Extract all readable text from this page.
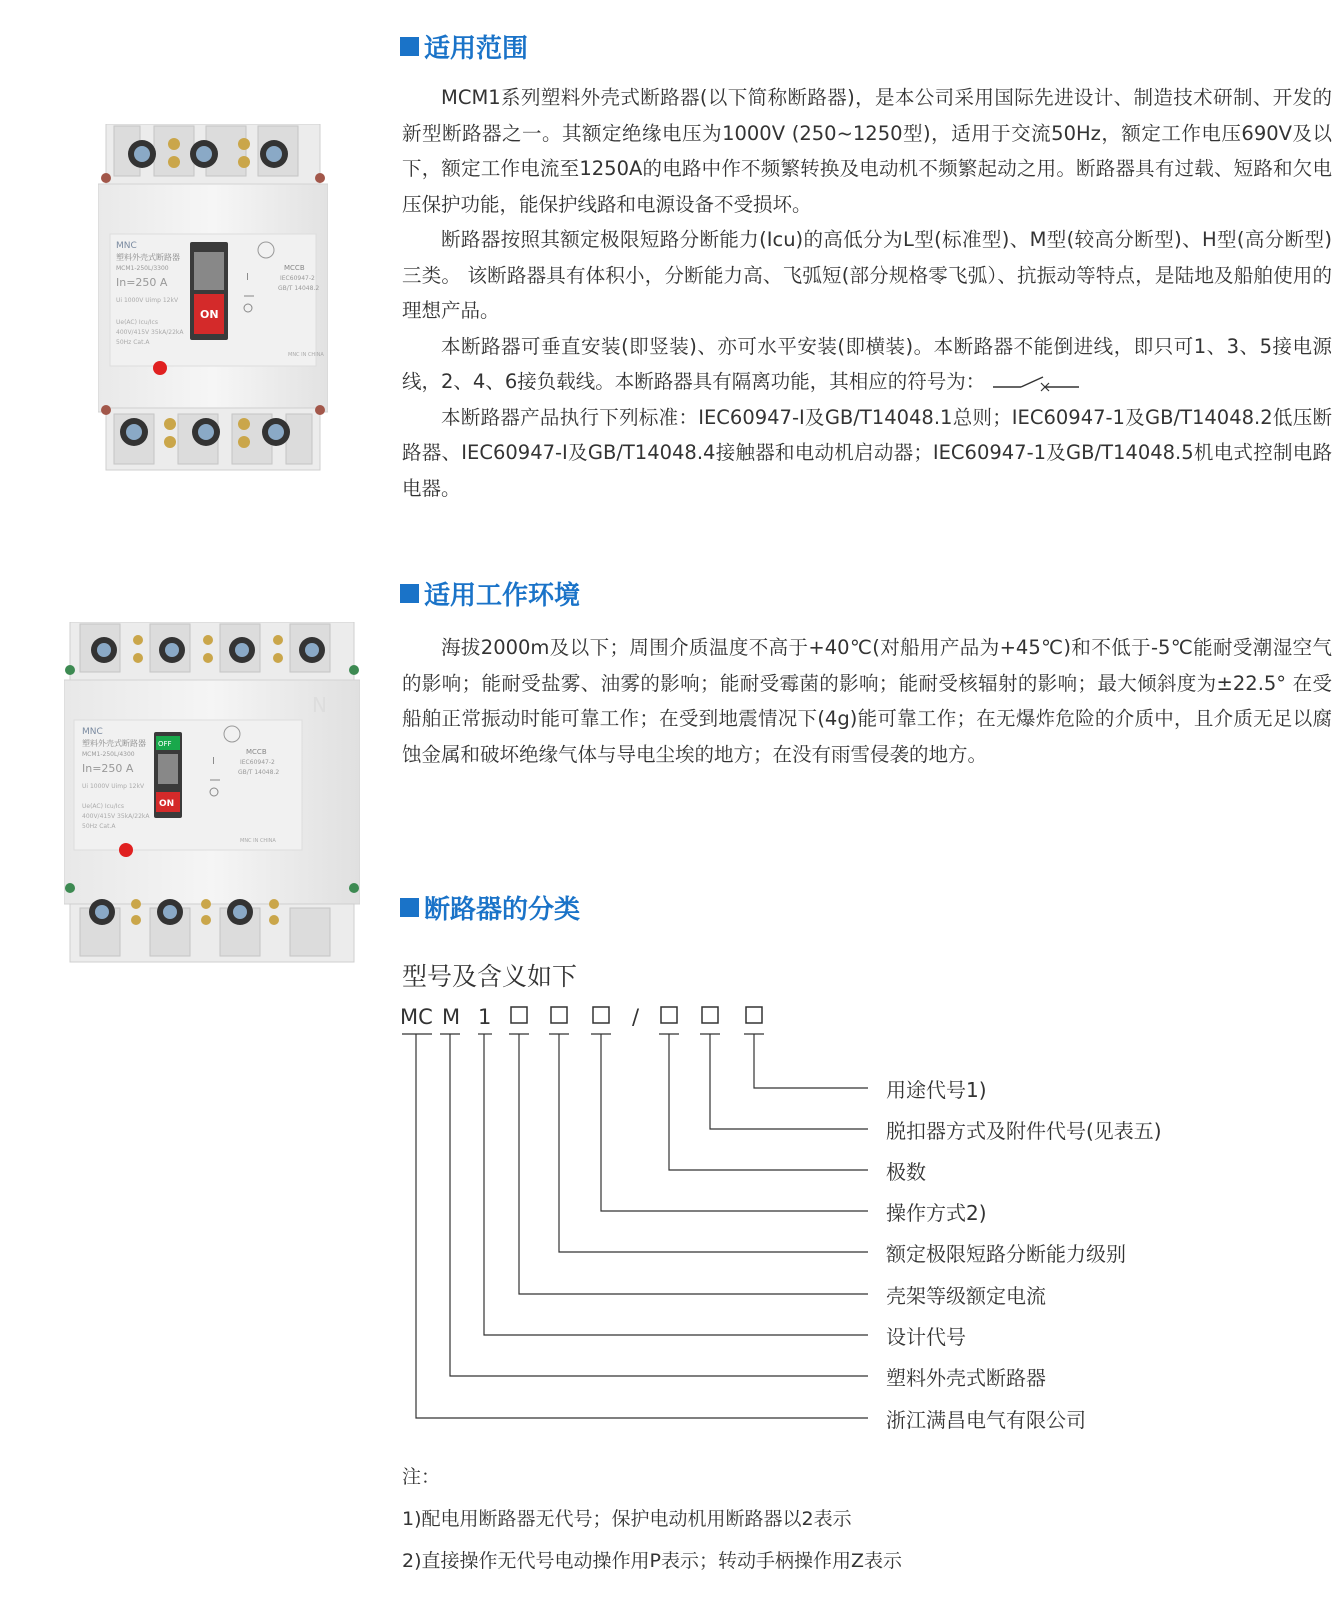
适用范围

MCM1系列塑料外壳式断路器(以下简称断路器)，是本公司采用国际先进设计、制造技术研制、开发的新型断路器之一。其额定绝缘电压为1000V (250~1250型)，适用于交流50Hz，额定工作电压690V及以下，额定工作电流至1250A的电路中作不频繁转换及电动机不频繁起动之用。断路器具有过载、短路和欠电压保护功能，能保护线路和电源设备不受损坏。

断路器按照其额定极限短路分断能力(Icu)的高低分为L型(标准型)、M型(较高分断型)、H型(高分断型)三类。 该断路器具有体积小，分断能力高、飞弧短(部分规格零飞弧）、抗振动等特点，是陆地及船舶使用的理想产品。

本断路器可垂直安装(即竖装)、亦可水平安装(即横装)。本断路器不能倒进线，即只可1、3、5接电源线，2、4、6接负载线。本断路器具有隔离功能，其相应的符号为：

本断路器产品执行下列标准：IEC60947-I及GB/T14048.1总则；IEC60947-1及GB/T14048.2低压断路器、IEC60947-I及GB/T14048.4接触器和电动机启动器；IEC60947-1及GB/T14048.5机电式控制电路电器。

MNC
塑料外壳式断路器
MCM1-250L/3300
In=250 A
Ui 1000V Uimp 12kV
Ue(AC) Icu/Ics
400V/415V 35kA/22kA
50Hz Cat.A
ON
MCCB
IEC60947-2
GB/T 14048.2
I
MNC IN CHINA
适用工作环境

海拔2000m及以下；周围介质温度不高于+40℃(对船用产品为+45℃)和不低于-5℃能耐受潮湿空气的影响；能耐受盐雾、油雾的影响；能耐受霉菌的影响；能耐受核辐射的影响；最大倾斜度为±22.5° 在受船舶正常振动时能可靠工作；在受到地震情况下(4g)能可靠工作；在无爆炸危险的介质中，且介质无足以腐蚀金属和破坏绝缘气体与导电尘埃的地方；在没有雨雪侵袭的地方。

N
MNC
塑料外壳式断路器
MCM1-250L/4300
In=250 A
Ui 1000V Uimp 12kV
Ue(AC) Icu/Ics
400V/415V 35kA/22kA
50Hz Cat.A
OFF
ON
MCCB
IEC60947-2
GB/T 14048.2
I
MNC IN CHINA
断路器的分类
型号及含义如下
MC M 1	/
用途代号1)
脱扣器方式及附件代号(见表五)
极数
操作方式2)
额定极限短路分断能力级别
壳架等级额定电流
设计代号
塑料外壳式断路器
浙江满昌电气有限公司
注：
1)配电用断路器无代号；保护电动机用断路器以2表示
2)直接操作无代号电动操作用P表示；转动手柄操作用Z表示
